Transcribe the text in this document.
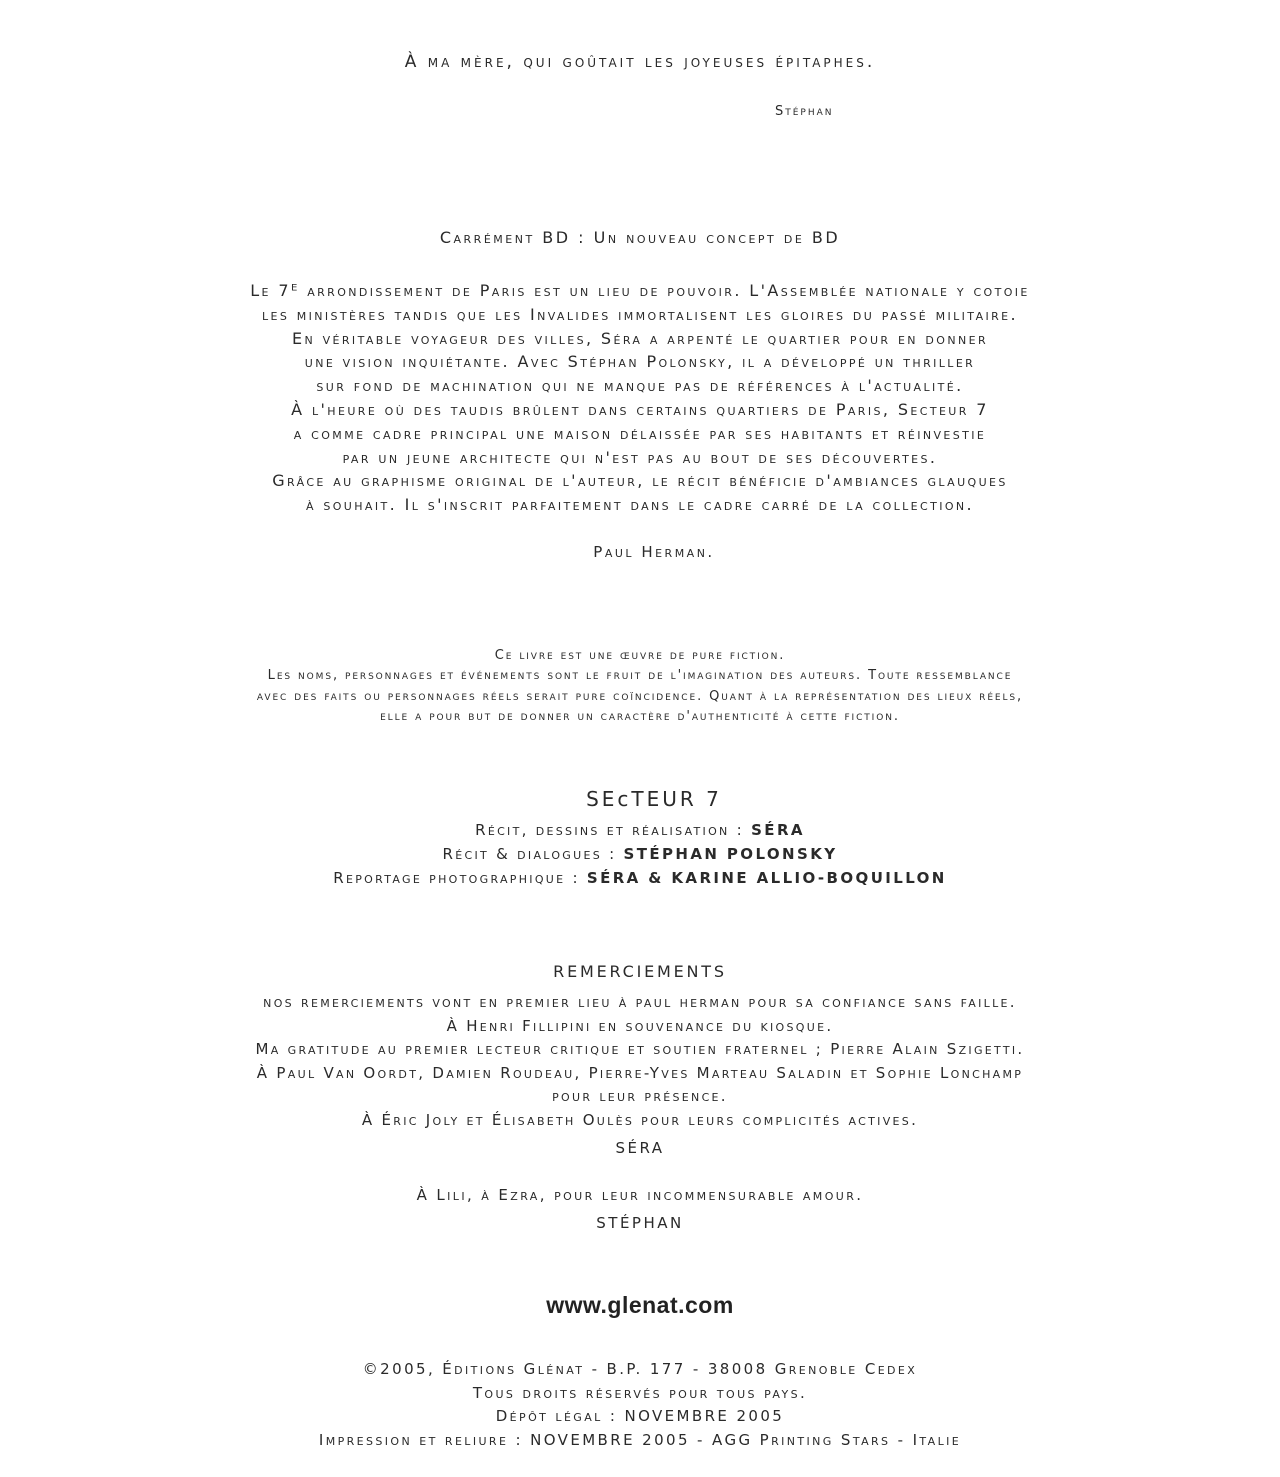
À ma mère, qui goûtait les joyeuses épitaphes.
Stéphan
Carrément BD : Un nouveau concept de BD
Le 7ᴱ arrondissement de Paris est un lieu de pouvoir. L'Assemblée nationale y cotoie
les ministères tandis que les Invalides immortalisent les gloires du passé militaire.
En véritable voyageur des villes, Séra a arpenté le quartier pour en donner
une vision inquiétante. Avec Stéphan Polonsky, il a développé un thriller
sur fond de machination qui ne manque pas de références à l'actualité.
À l'heure où des taudis brûlent dans certains quartiers de Paris, Secteur 7
a comme cadre principal une maison délaissée par ses habitants et réinvestie
par un jeune architecte qui n'est pas au bout de ses découvertes.
Grâce au graphisme original de l'auteur, le récit bénéficie d'ambiances glauques
à souhait. Il s'inscrit parfaitement dans le cadre carré de la collection.
Paul Herman.
Ce livre est une œuvre de pure fiction.
Les noms, personnages et événements sont le fruit de l'imagination des auteurs. Toute ressemblance
avec des faits ou personnages réels serait pure coïncidence. Quant à la représentation des lieux réels,
elle a pour but de donner un caractère d'authenticité à cette fiction.
SEcTEUR 7
Récit, dessins et réalisation : SÉRA
Récit & dialogues : STÉPHAN POLONSKY
Reportage photographique : SÉRA & KARINE ALLIO-BOQUILLON
REMERCIEMENTS
nos remerciements vont en premier lieu à paul herman pour sa confiance sans faille.
À Henri Fillipini en souvenance du kiosque.
Ma gratitude au premier lecteur critique et soutien fraternel ; Pierre Alain Szigetti.
À Paul Van Oordt, Damien Roudeau, Pierre-Yves Marteau Saladin et Sophie Lonchamp
pour leur présence.
À Éric Joly et Élisabeth Oulès pour leurs complicités actives.
SÉRA
À Lili, à Ezra, pour leur incommensurable amour.
STÉPHAN
www.glenat.com
©2005, Éditions Glénat - B.P. 177 - 38008 Grenoble Cedex
Tous droits réservés pour tous pays.
Dépôt légal : NOVEMBRE 2005
Impression et reliure : NOVEMBRE 2005 - AGG Printing Stars - Italie
